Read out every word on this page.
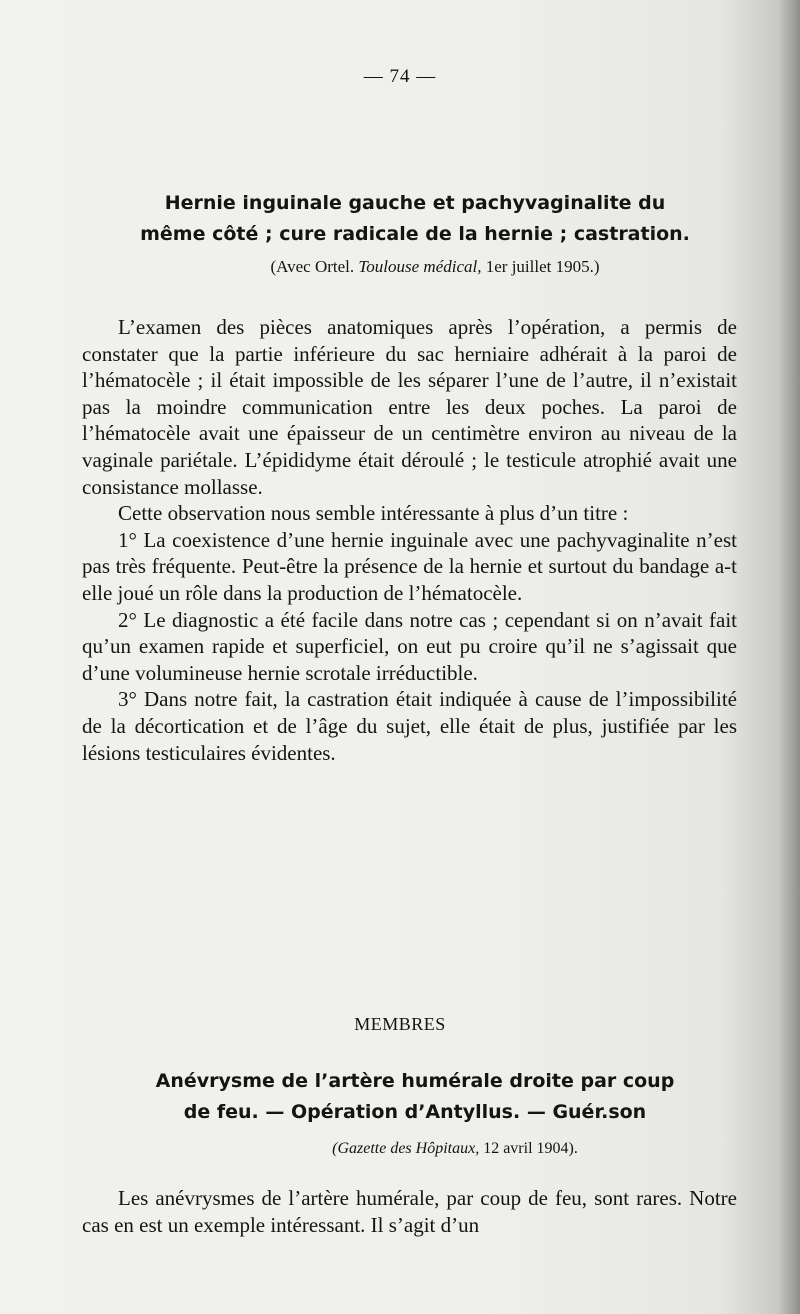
— 74 —
Hernie inguinale gauche et pachyvaginalite du
même côté ; cure radicale de la hernie ; castration.
(Avec Ortel. Toulouse médical, 1er juillet 1905.)

L’examen des pièces anatomiques après l’opération, a permis de constater que la partie inférieure du sac herniaire adhérait à la paroi de l’hématocèle ; il était impossible de les séparer l’une de l’autre, il n’existait pas la moindre communication entre les deux poches. La paroi de l’hématocèle avait une épaisseur de un centimètre environ au niveau de la vaginale pariétale. L’épididyme était déroulé ; le testicule atrophié avait une consistance mollasse.

Cette observation nous semble intéressante à plus d’un titre :

1° La coexistence d’une hernie inguinale avec une pachyvaginalite n’est pas très fréquente. Peut-être la présence de la hernie et surtout du bandage a-t elle joué un rôle dans la production de l’hématocèle.

2° Le diagnostic a été facile dans notre cas ; cependant si on n’avait fait qu’un examen rapide et superficiel, on eut pu croire qu’il ne s’agissait que d’une volumineuse hernie scrotale irréductible.

3° Dans notre fait, la castration était indiquée à cause de l’impossibilité de la décortication et de l’âge du sujet, elle était de plus, justifiée par les lésions testiculaires évidentes.

MEMBRES
Anévrysme de l’artère humérale droite par coup
de feu. — Opération d’Antyllus. — Guér.son
(Gazette des Hôpitaux, 12 avril 1904).

Les anévrysmes de l’artère humérale, par coup de feu, sont rares. Notre cas en est un exemple intéressant. Il s’agit d’un
